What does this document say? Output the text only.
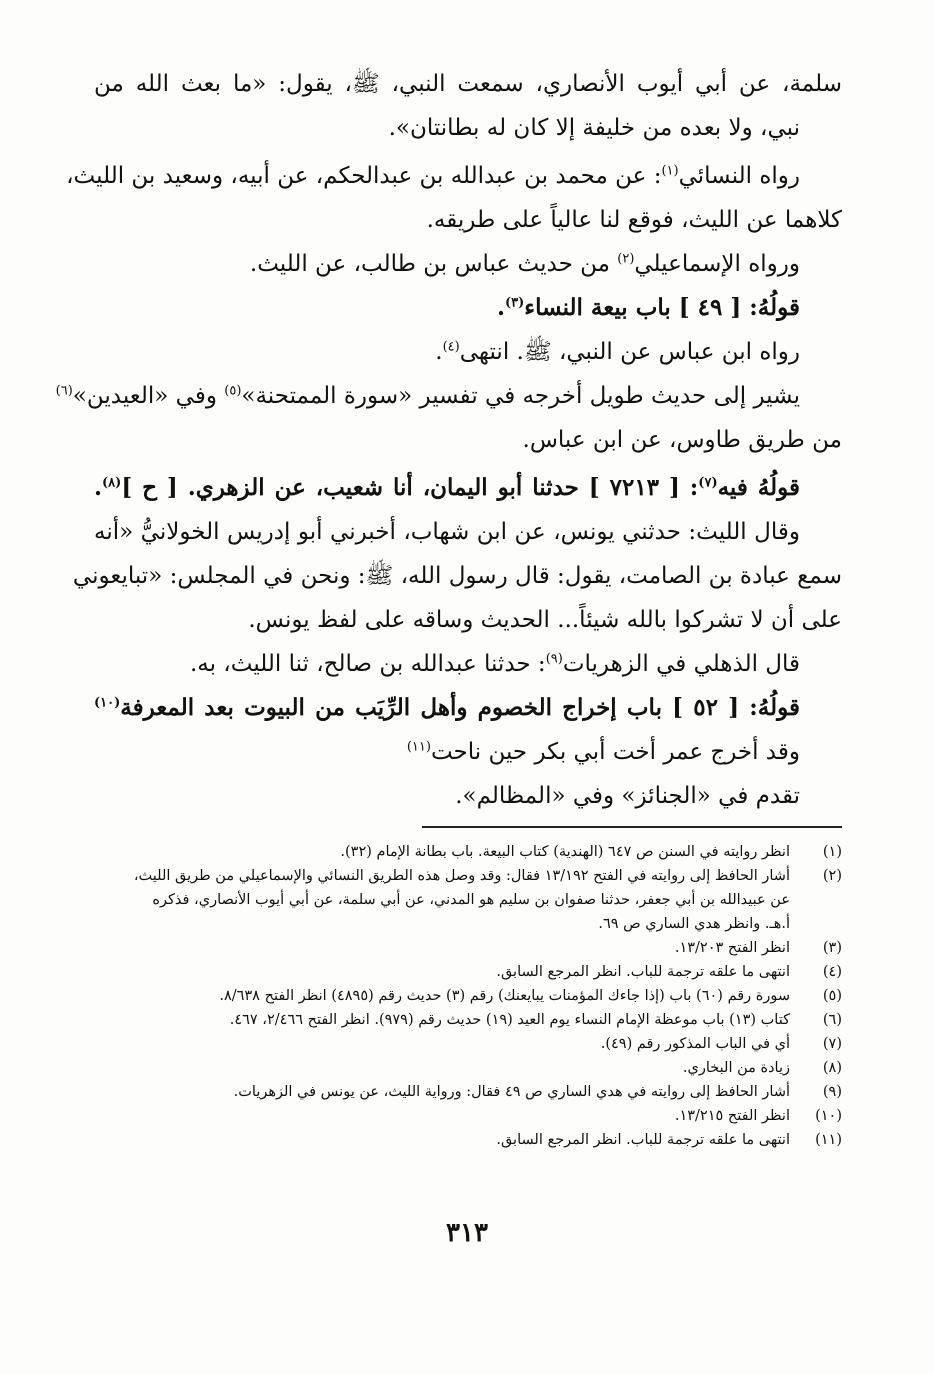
سلمة، عن أبي أيوب الأنصاري، سمعت النبي، ﷺ، يقول: «ما بعث الله من
نبي، ولا بعده من خليفة إلا كان له بطانتان».
رواه النسائي$^{(١)}$: عن محمد بن عبدالله بن عبدالحكم، عن أبيه، وسعيد بن الليث،
كلاهما عن الليث، فوقع لنا عالياً على طريقه.
ورواه الإسماعيلي$^{(٢)}$ من حديث عباس بن طالب، عن الليث.
قولُهُ: [ ٤٩ ] باب بيعة النساء$^{(٣)}$.
رواه ابن عباس عن النبي، ﷺ. انتهى$^{(٤)}$.
يشير إلى حديث طويل أخرجه في تفسير «سورة الممتحنة»$^{(٥)}$ وفي «العيدين»$^{(٦)}$
من طريق طاوس، عن ابن عباس.
قولُهُ فيه$^{(٧)}$: [ ٧٢١٣ ] حدثنا أبو اليمان، أنا شعيب، عن الزهري. [ ح ]$^{(٨)}$.
وقال الليث: حدثني يونس، عن ابن شهاب، أخبرني أبو إدريس الخولانيُّ «أنه
سمع عبادة بن الصامت، يقول: قال رسول الله، ﷺ: ونحن في المجلس: «تبايعوني
على أن لا تشركوا بالله شيئاً... الحديث وساقه على لفظ يونس.
قال الذهلي في الزهريات$^{(٩)}$: حدثنا عبدالله بن صالح، ثنا الليث، به.
قولُهُ: [ ٥٢ ] باب إخراج الخصوم وأهل الرِّيَب من البيوت بعد المعرفة$^{(١٠)}$
وقد أخرج عمر أخت أبي بكر حين ناحت$^{(١١)}$
تقدم في «الجنائز» وفي «المظالم».
(١)
انظر روايته في السنن ص ٦٤٧ (الهندية) كتاب البيعة. باب بطانة الإمام (٣٢).
(٢)
أشار الحافظ إلى روايته في الفتح ١٣/١٩٢ فقال: وقد وصل هذه الطريق النسائي والإسماعيلي من طريق الليث،
عن عبيدالله بن أبي جعفر، حدثنا صفوان بن سليم هو المدني، عن أبي سلمة، عن أبي أيوب الأنصاري، فذكره
أ.هـ. وانظر هدي الساري ص ٦٩.
(٣)
انظر الفتح ١٣/٢٠٣.
(٤)
انتهى ما علقه ترجمة للباب. انظر المرجع السابق.
(٥)
سورة رقم (٦٠) باب (إذا جاءك المؤمنات يبايعنك) رقم (٣) حديث رقم (٤٨٩٥) انظر الفتح ٨/٦٣٨.
(٦)
كتاب (١٣) باب موعظة الإمام النساء يوم العيد (١٩) حديث رقم (٩٧٩). انظر الفتح ٢/٤٦٦، ٤٦٧.
(٧)
أي في الباب المذكور رقم (٤٩).
(٨)
زيادة من البخاري.
(٩)
أشار الحافظ إلى روايته في هدي الساري ص ٤٩ فقال: ورواية الليث، عن يونس في الزهريات.
(١٠)
انظر الفتح ١٣/٢١٥.
(١١)
انتهى ما علقه ترجمة للباب. انظر المرجع السابق.
٣١٣
